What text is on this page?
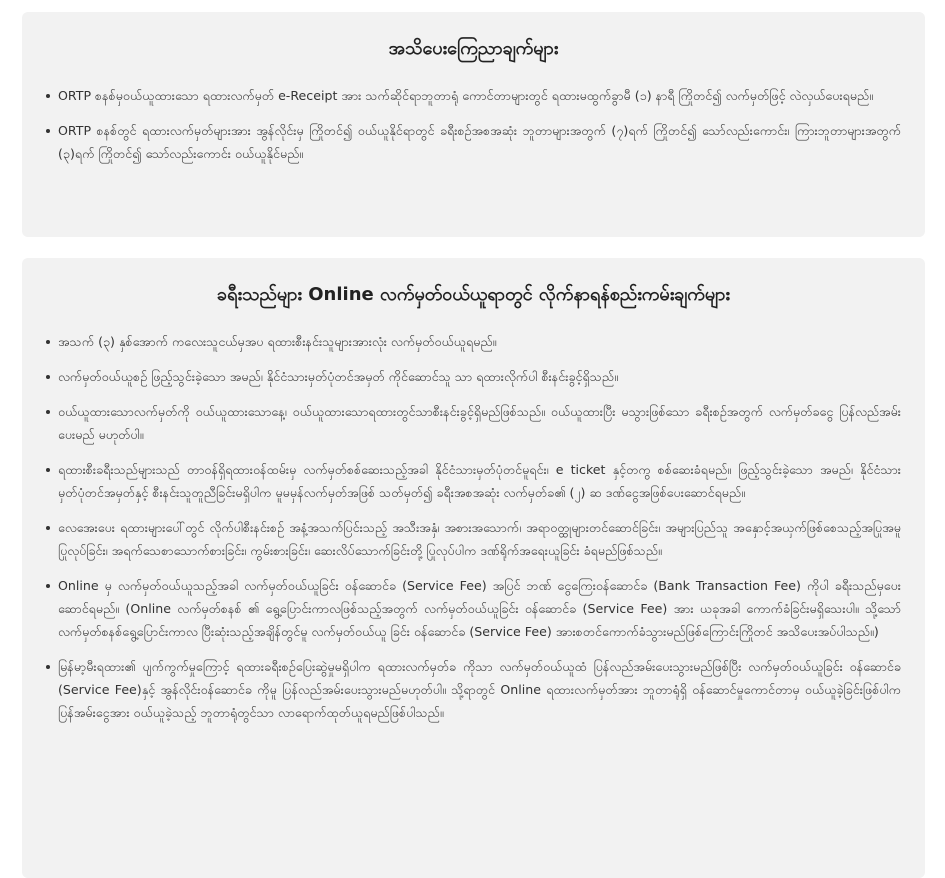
အသိပေးကြေညာချက်များ
ORTP စနစ်မှဝယ်ယူထားသော ရထားလက်မှတ် e-Receipt အား သက်ဆိုင်ရာဘူတာရုံ ကောင်တာများတွင် ရထားမထွက်ခွာမီ (၁) နာရီ ကြိုတင်၍ လက်မှတ်ဖြင့် လဲလှယ်ပေးရမည်။
ORTP စနစ်တွင် ရထားလက်မှတ်များအား အွန်လိုင်းမှ ကြိုတင်၍ ဝယ်ယူနိုင်ရာတွင် ခရီးစဉ်အစအဆုံး ဘူတာများအတွက် (၇)ရက် ကြိုတင်၍ သော်လည်းကောင်း၊ ကြားဘူတာများအတွက် (၃)ရက် ကြိုတင်၍ သော်လည်းကောင်း ဝယ်ယူနိုင်မည်။
ခရီးသည်များ Online လက်မှတ်ဝယ်ယူရာတွင် လိုက်နာရန်စည်းကမ်းချက်များ
အသက် (၃) နှစ်အောက် ကလေးသူငယ်မှအပ ရထားစီးနင်းသူများအားလုံး လက်မှတ်ဝယ်ယူရမည်။
လက်မှတ်ဝယ်ယူစဉ် ဖြည့်သွင်းခဲ့သော အမည်၊ နိုင်ငံသားမှတ်ပုံတင်အမှတ် ကိုင်ဆောင်သူ သာ ရထားလိုက်ပါ စီးနင်းခွင့်ရှိသည်။
ဝယ်ယူထားသောလက်မှတ်ကို ဝယ်ယူထားသောနေ့၊ ဝယ်ယူထားသောရထားတွင်သာစီးနင်းခွင့်ရှိမည်ဖြစ်သည်။ ဝယ်ယူထားပြီး မသွားဖြစ်သော ခရီးစဉ်အတွက် လက်မှတ်ခငွေ ပြန်လည်အမ်းပေးမည် မဟုတ်ပါ။
ရထားစီးခရီးသည်များသည် တာဝန်ရှိရထားဝန်ထမ်းမှ လက်မှတ်စစ်ဆေးသည့်အခါ နိုင်ငံသားမှတ်ပုံတင်မူရင်း၊ e ticket နှင့်တကွ စစ်ဆေးခံရမည်။ ဖြည့်သွင်းခဲ့သော အမည်၊ နိုင်ငံသားမှတ်ပုံတင်အမှတ်နှင့် စီးနင်းသူတူညီခြင်းမရှိပါက မူမမှန်လက်မှတ်အဖြစ် သတ်မှတ်၍ ခရီးအစအဆုံး လက်မှတ်ခ၏ (၂) ဆ ဒဏ်ငွေအဖြစ်ပေးဆောင်ရမည်။
လေအေးပေး ရထားများပေါ်တွင် လိုက်ပါစီးနင်းစဉ် အနံ့အသက်ပြင်းသည့် အသီးအနှံ၊ အစားအသောက်၊ အရာဝတ္ထုများတင်ဆောင်ခြင်း၊ အများပြည်သူ အနှောင့်အယှက်ဖြစ်စေသည့်အပြုအမူပြုလုပ်ခြင်း၊ အရက်သေစာသောက်စားခြင်း၊ ကွမ်းစားခြင်း၊ ဆေးလိပ်သောက်ခြင်းတို့ ပြုလုပ်ပါက ဒဏ်ရိုက်အရေးယူခြင်း ခံရမည်ဖြစ်သည်။
Online မှ လက်မှတ်ဝယ်ယူသည့်အခါ လက်မှတ်ဝယ်ယူခြင်း ဝန်ဆောင်ခ (Service Fee) အပြင် ဘဏ် ငွေကြေးဝန်ဆောင်ခ (Bank Transaction Fee) ကိုပါ ခရီးသည်မှပေးဆောင်ရမည်။ (Online လက်မှတ်စနစ် ၏ ရွေ့ပြောင်းကာလဖြစ်သည့်အတွက် လက်မှတ်ဝယ်ယူခြင်း ဝန်ဆောင်ခ (Service Fee) အား ယခုအခါ ကောက်ခံခြင်းမရှိသေးပါ။ သို့သော် လက်မှတ်စနစ်ရွေ့ပြောင်းကာလ ပြီးဆုံးသည့်အချိန်တွင်မူ လက်မှတ်ဝယ်ယူ ခြင်း ဝန်ဆောင်ခ (Service Fee) အားစတင်ကောက်ခံသွားမည်ဖြစ်ကြောင်းကြိုတင် အသိပေးအပ်ပါသည်။)
မြန်မာ့မီးရထား၏ ပျက်ကွက်မှုကြောင့် ရထားခရီးစဉ်ပြေးဆွဲမှုမရှိပါက ရထားလက်မှတ်ခ ကိုသာ လက်မှတ်ဝယ်ယူထံ ပြန်လည်အမ်းပေးသွားမည်ဖြစ်ပြီး လက်မှတ်ဝယ်ယူခြင်း ဝန်ဆောင်ခ (Service Fee)နှင့် အွန်လိုင်းဝန်ဆောင်ခ ကိုမူ ပြန်လည်အမ်းပေးသွားမည်မဟုတ်ပါ။ သို့ရာတွင် Online ရထားလက်မှတ်အား ဘူတာရုံရှိ ဝန်ဆောင်မှုကောင်တာမှ ဝယ်ယူခဲ့ခြင်းဖြစ်ပါက ပြန်အမ်းငွေအား ဝယ်ယူခဲ့သည့် ဘူတာရုံတွင်သာ လာရောက်ထုတ်ယူရမည်ဖြစ်ပါသည်။
